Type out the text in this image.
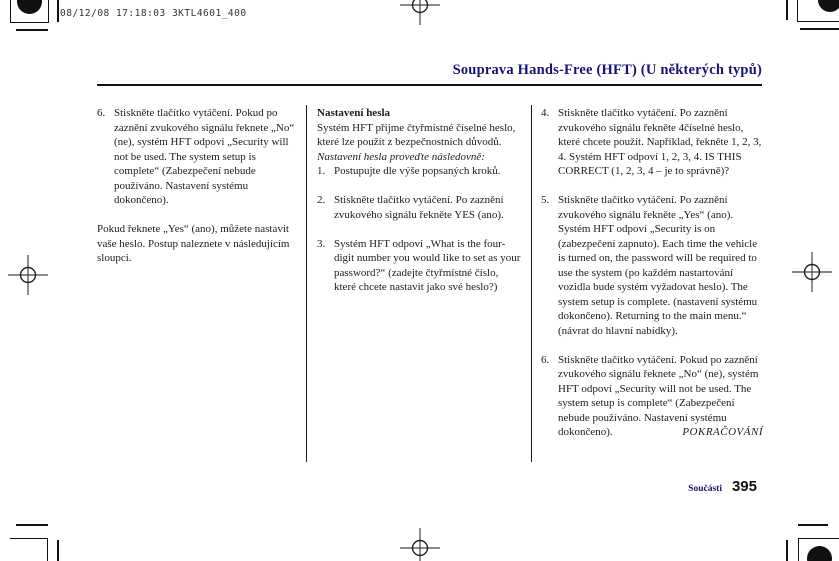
08/12/08 17:18:03 3KTL4601_400
Souprava Hands-Free (HFT) (U některých typů)
6. Stiskněte tlačítko vytáčení. Pokud po zaznění zvukového signálu řeknete „No“ (ne), systém HFT odpoví „Security will not be used. The system setup is complete“ (Zabezpečení nebude používáno. Nastavení systému dokončeno).

Pokud řeknete „Yes“ (ano), můžete nastavit vaše heslo. Postup naleznete v následujícím sloupci.

Nastavení hesla

Systém HFT přijme čtyřmístné číselné heslo, které lze použít z bezpečnostních důvodů.

Nastavení hesla proveďte následovně:

1. Postupujte dle výše popsaných kroků.

2. Stiskněte tlačítko vytáčení. Po zaznění zvukového signálu řekněte YES (ano).

3. Systém HFT odpoví „What is the four-digit number you would like to set as your password?“ (zadejte čtyřmístné číslo, které chcete nastavit jako své heslo?)

4. Stiskněte tlačítko vytáčení. Po zaznění zvukového signálu řekněte 4číselné heslo, které chcete použít. Například, řekněte 1, 2, 3, 4. Systém HFT odpoví 1, 2, 3, 4. IS THIS CORRECT (1, 2, 3, 4 – je to správně)?

5. Stiskněte tlačítko vytáčení. Po zaznění zvukového signálu řekněte „Yes“ (ano). Systém HFT odpoví „Security is on (zabezpečení zapnuto). Each time the vehicle is turned on, the password will be required to use the system (po každém nastartování vozidla bude systém vyžadovat heslo). The system setup is complete. (nastavení systému dokončeno). Returning to the main menu.“ (návrat do hlavní nabídky).

6. Stiskněte tlačítko vytáčení. Pokud po zaznění zvukového signálu řeknete „No“ (ne), systém HFT odpoví „Security will not be used. The system setup is complete“ (Zabezpečení nebude používáno. Nastavení systému dokončeno).	POKRAČOVÁNÍ

Součásti 395
